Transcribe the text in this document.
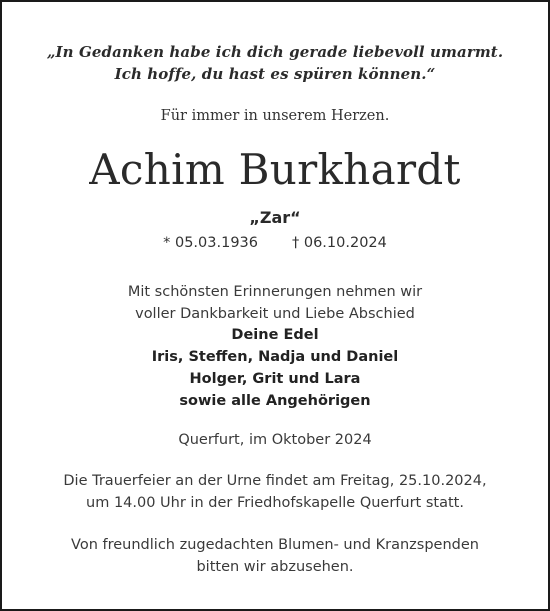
„In Gedanken habe ich dich gerade liebevoll umarmt.
Ich hoffe, du hast es spüren können.“
Für immer in unserem Herzen.
Achim Burkhardt
„Zar“
* 05.03.1936 † 06.10.2024
Mit schönsten Erinnerungen nehmen wir
voller Dankbarkeit und Liebe Abschied
Deine Edel
Iris, Steffen, Nadja und Daniel
Holger, Grit und Lara
sowie alle Angehörigen
Querfurt, im Oktober 2024
Die Trauerfeier an der Urne findet am Freitag, 25.10.2024,
um 14.00 Uhr in der Friedhofskapelle Querfurt statt.
Von freundlich zugedachten Blumen- und Kranzspenden
bitten wir abzusehen.
